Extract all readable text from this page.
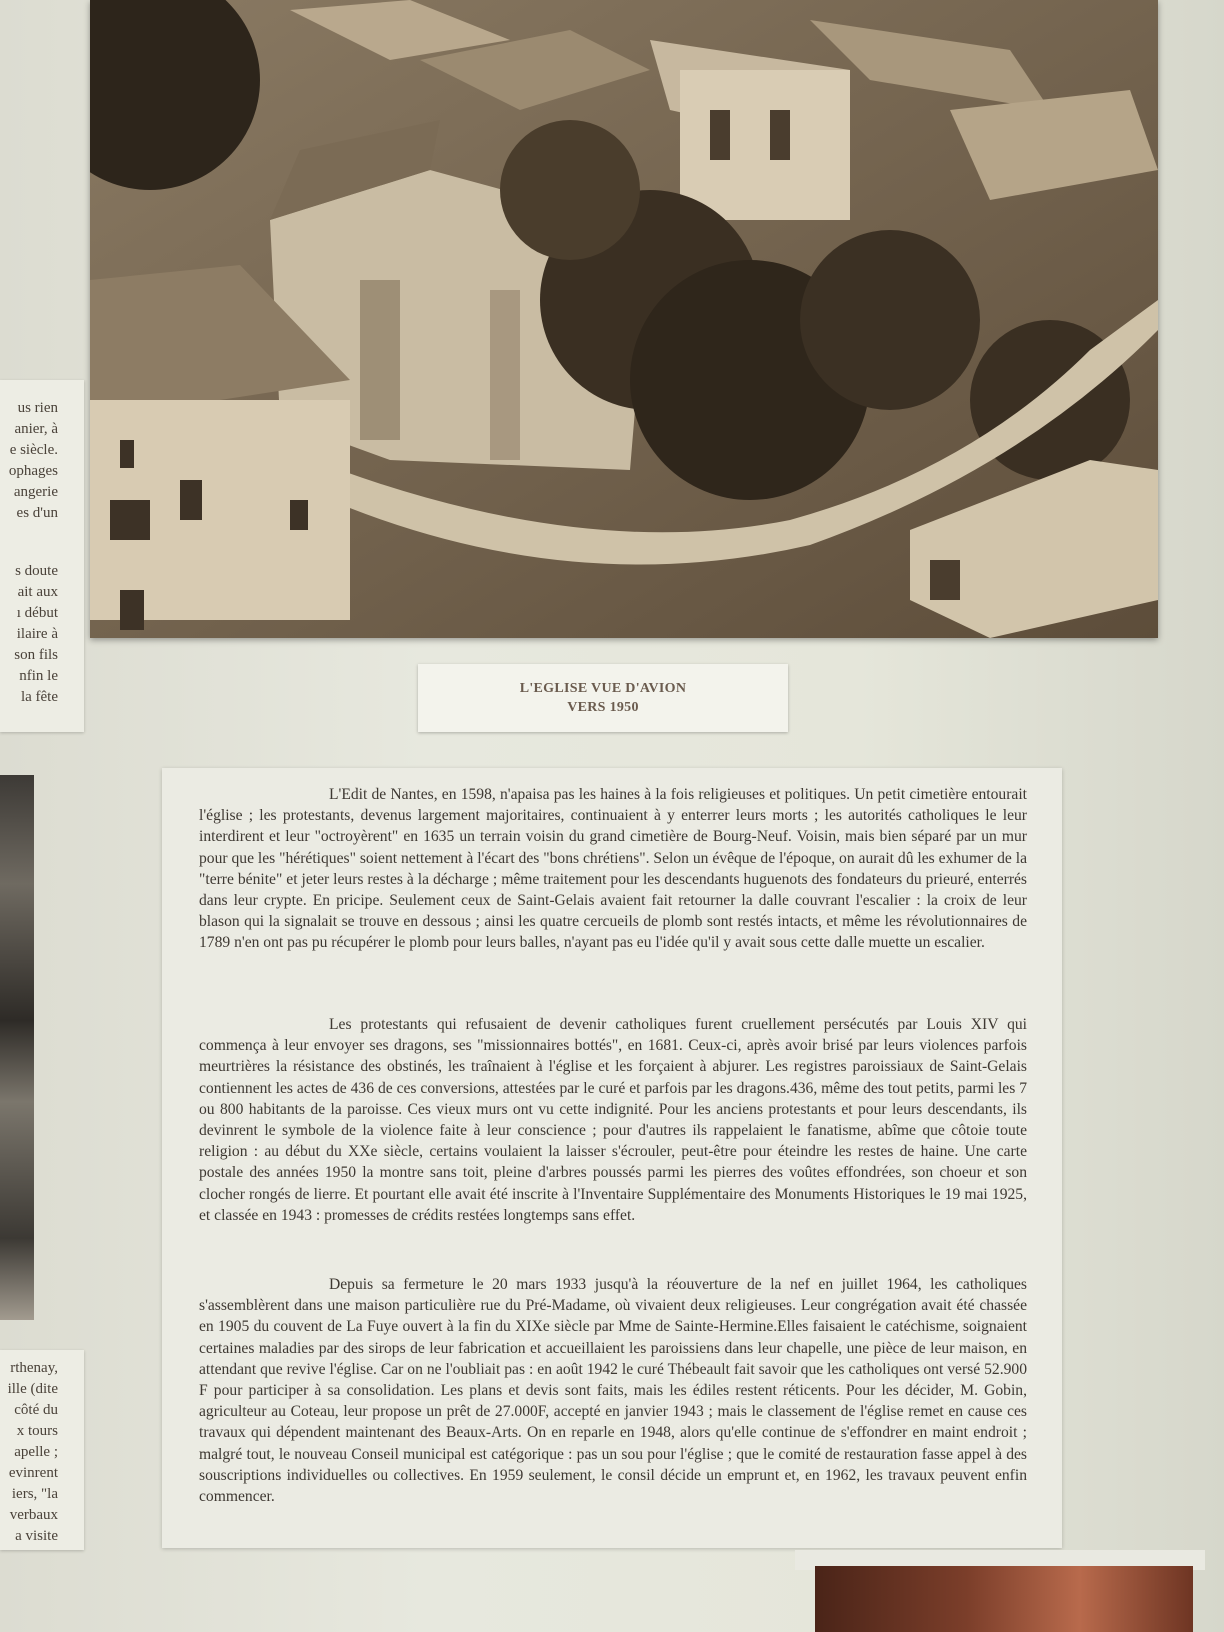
L'EGLISE VUE D'AVION
VERS 1950

L'Edit de Nantes, en 1598, n'apaisa pas les haines à la fois religieuses et politiques. Un petit cimetière entourait l'église ; les protestants, devenus largement majoritaires, continuaient à y enterrer leurs morts ; les autorités catholiques le leur interdirent et leur "octroyèrent" en 1635 un terrain voisin du grand cimetière de Bourg-Neuf. Voisin, mais bien séparé par un mur pour que les "hérétiques" soient nettement à l'écart des "bons chrétiens". Selon un évêque de l'époque, on aurait dû les exhumer de la "terre bénite" et jeter leurs restes à la décharge ; même traitement pour les descendants huguenots des fondateurs du prieuré, enterrés dans leur crypte. En pricipe. Seulement ceux de Saint-Gelais avaient fait retourner la dalle couvrant l'escalier : la croix de leur blason qui la signalait se trouve en dessous ; ainsi les quatre cercueils de plomb sont restés intacts, et même les révolutionnaires de 1789 n'en ont pas pu récupérer le plomb pour leurs balles, n'ayant pas eu l'idée qu'il y avait sous cette dalle muette un escalier.

Les protestants qui refusaient de devenir catholiques furent cruellement persécutés par Louis XIV qui commença à leur envoyer ses dragons, ses "missionnaires bottés", en 1681. Ceux-ci, après avoir brisé par leurs violences parfois meurtrières la résistance des obstinés, les traînaient à l'église et les forçaient à abjurer. Les registres paroissiaux de Saint-Gelais contiennent les actes de 436 de ces conversions, attestées par le curé et parfois par les dragons.436, même des tout petits, parmi les 7 ou 800 habitants de la paroisse. Ces vieux murs ont vu cette indignité. Pour les anciens protestants et pour leurs descendants, ils devinrent le symbole de la violence faite à leur conscience ; pour d'autres ils rappelaient le fanatisme, abîme que côtoie toute religion : au début du XXe siècle, certains voulaient la laisser s'écrouler, peut-être pour éteindre les restes de haine. Une carte postale des années 1950 la montre sans toit, pleine d'arbres poussés parmi les pierres des voûtes effondrées, son choeur et son clocher rongés de lierre. Et pourtant elle avait été inscrite à l'Inventaire Supplémentaire des Monuments Historiques le 19 mai 1925, et classée en 1943 : promesses de crédits restées longtemps sans effet.

Depuis sa fermeture le 20 mars 1933 jusqu'à la réouverture de la nef en juillet 1964, les catholiques s'assemblèrent dans une maison particulière rue du Pré-Madame, où vivaient deux religieuses. Leur congrégation avait été chassée en 1905 du couvent de La Fuye ouvert à la fin du XIXe siècle par Mme de Sainte-Hermine.Elles faisaient le catéchisme, soignaient certaines maladies par des sirops de leur fabrication et accueillaient les paroissiens dans leur chapelle, une pièce de leur maison, en attendant que revive l'église. Car on ne l'oubliait pas : en août 1942 le curé Thébeault fait savoir que les catholiques ont versé 52.900 F pour participer à sa consolidation. Les plans et devis sont faits, mais les édiles restent réticents. Pour les décider, M. Gobin, agriculteur au Coteau, leur propose un prêt de 27.000F, accepté en janvier 1943 ; mais le classement de l'église remet en cause ces travaux qui dépendent maintenant des Beaux-Arts. On en reparle en 1948, alors qu'elle continue de s'effondrer en maint endroit ; malgré tout, le nouveau Conseil municipal est catégorique : pas un sou pour l'église ; que le comité de restauration fasse appel à des souscriptions individuelles ou collectives. En 1959 seulement, le consil décide un emprunt et, en 1962, les travaux peuvent enfin commencer.

us rien
anier, à
e siècle.
ophages
angerie
es d'un
s doute
ait aux
ı début
ilaire à
son fils
nfin le
la fête
rthenay,
ille (dite
côté du
x tours
apelle ;
evinrent
iers, "la
verbaux
a visite
